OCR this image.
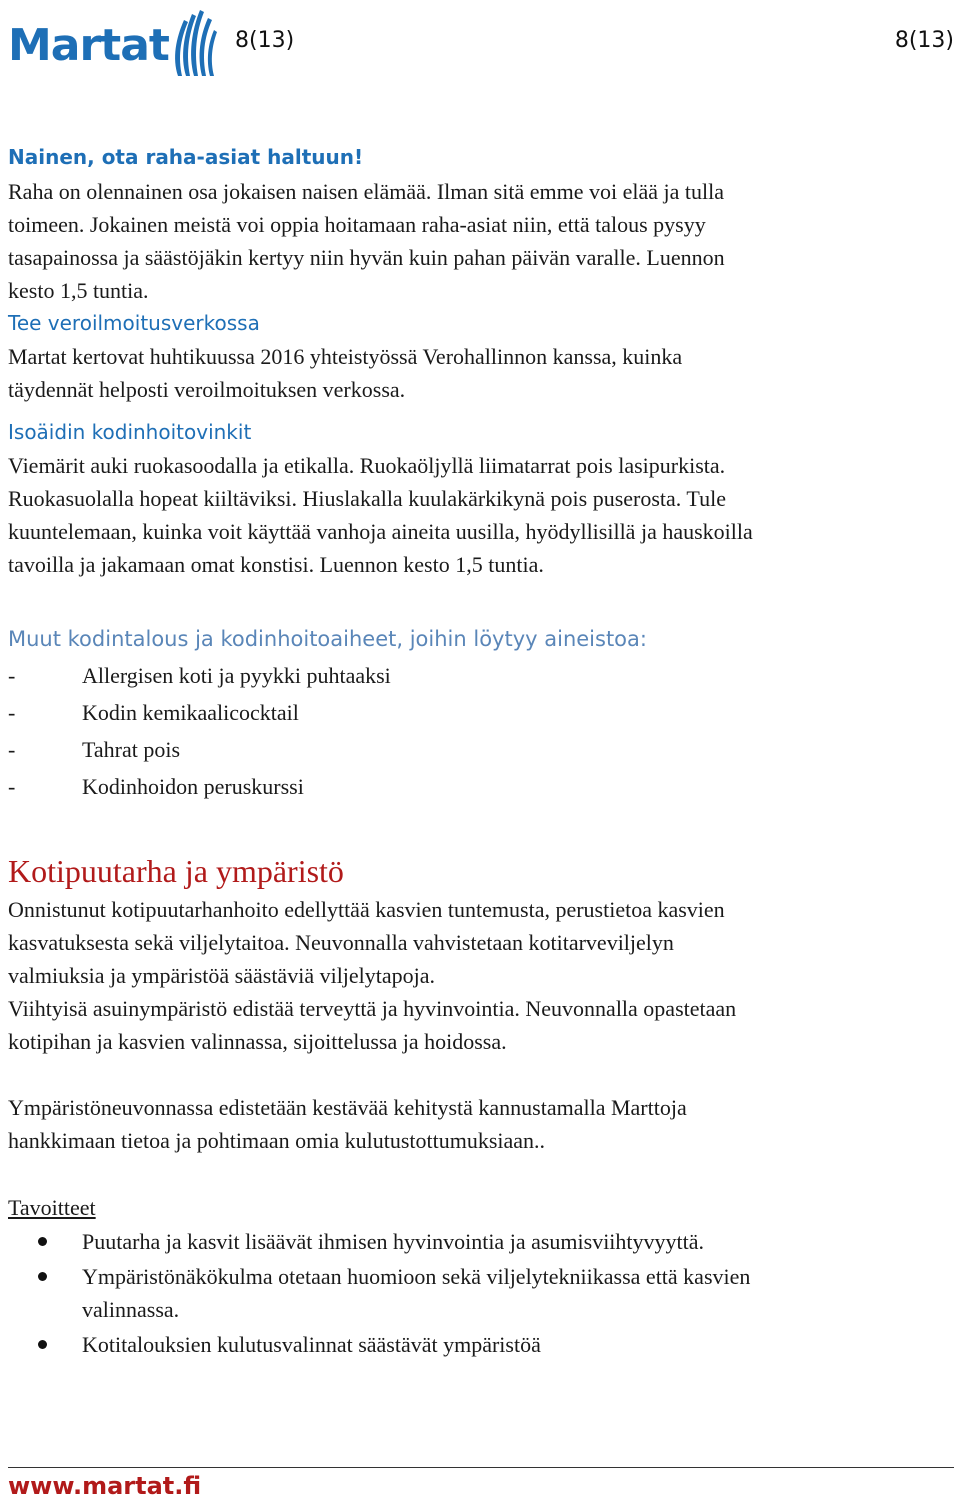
Martat	8(13)	8(13)
Nainen, ota raha-asiat haltuun!
Raha on olennainen osa jokaisen naisen elämää. Ilman sitä emme voi elää ja tulla
toimeen. Jokainen meistä voi oppia hoitamaan raha-asiat niin, että talous pysyy
tasapainossa ja säästöjäkin kertyy niin hyvän kuin pahan päivän varalle. Luennon
kesto 1,5 tuntia.
Tee veroilmoitusverkossa
Martat kertovat huhtikuussa 2016 yhteistyössä Verohallinnon kanssa, kuinka
täydennät helposti veroilmoituksen verkossa.
Isoäidin kodinhoitovinkit
Viemärit auki ruokasoodalla ja etikalla. Ruokaöljyllä liimatarrat pois lasipurkista.
Ruokasuolalla hopeat kiiltäviksi. Hiuslakalla kuulakärkikynä pois puserosta. Tule
kuuntelemaan, kuinka voit käyttää vanhoja aineita uusilla, hyödyllisillä ja hauskoilla
tavoilla ja jakamaan omat konstisi. Luennon kesto 1,5 tuntia.
Muut kodintalous ja kodinhoitoaiheet, joihin löytyy aineistoa:
-	Allergisen koti ja pyykki puhtaaksi
-	Kodin kemikaalicocktail
-	Tahrat pois
-	Kodinhoidon peruskurssi
Kotipuutarha ja ympäristö
Onnistunut kotipuutarhanhoito edellyttää kasvien tuntemusta, perustietoa kasvien
kasvatuksesta sekä viljelytaitoa. Neuvonnalla vahvistetaan kotitarveviljelyn
valmiuksia ja ympäristöä säästäviä viljelytapoja.
Viihtyisä asuinympäristö edistää terveyttä ja hyvinvointia. Neuvonnalla opastetaan
kotipihan ja kasvien valinnassa, sijoittelussa ja hoidossa.
Ympäristöneuvonnassa edistetään kestävää kehitystä kannustamalla Marttoja
hankkimaan tietoa ja pohtimaan omia kulutustottumuksiaan..
Tavoitteet
Puutarha ja kasvit lisäävät ihmisen hyvinvointia ja asumisviihtyvyyttä.
Ympäristönäkökulma otetaan huomioon sekä viljelytekniikassa että kasvien
valinnassa.
Kotitalouksien kulutusvalinnat säästävät ympäristöä
www.martat.fi
